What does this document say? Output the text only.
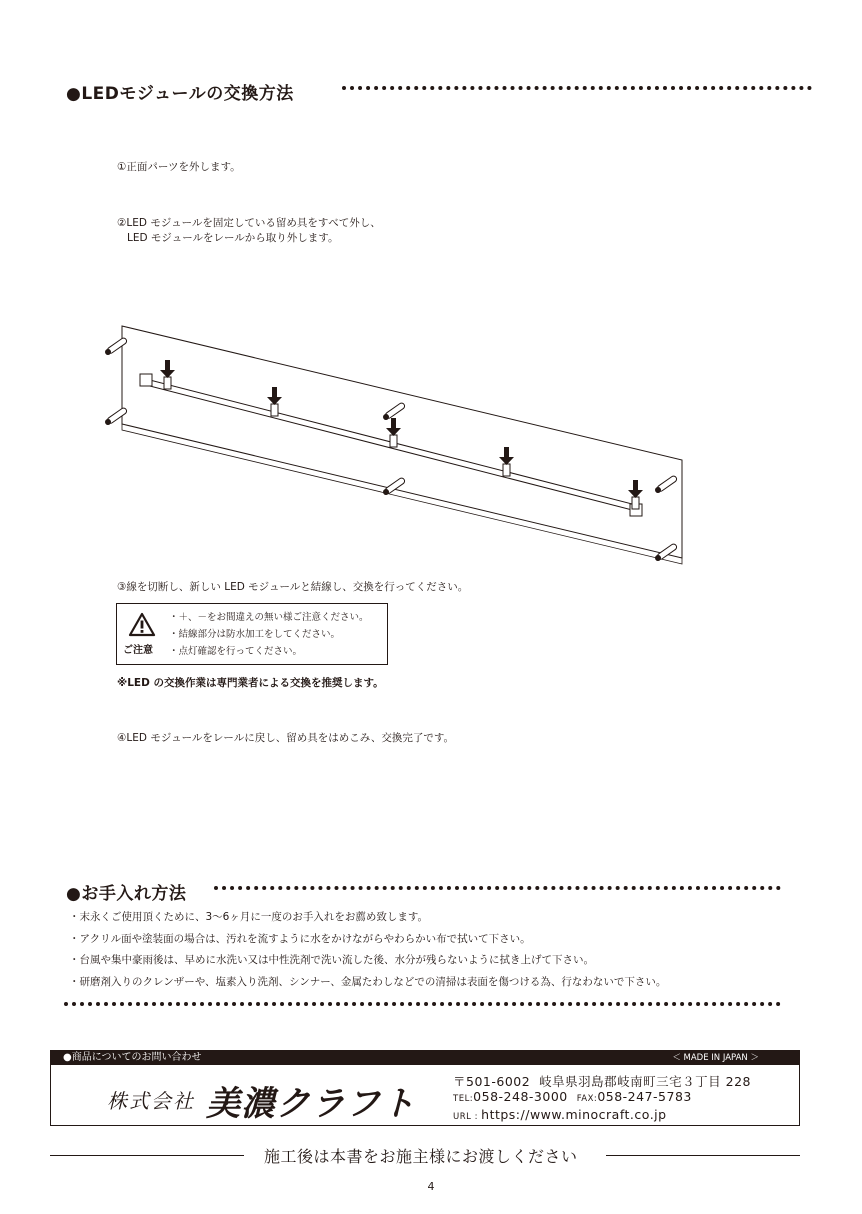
●LEDモジュールの交換方法
①正面パーツを外します。
②LED モジュールを固定している留め具をすべて外し、
LED モジュールをレールから取り外します。
③線を切断し、新しい LED モジュールと結線し、交換を行ってください。
ご注意
・＋、－をお間違えの無い様ご注意ください。
・結線部分は防水加工をしてください。
・点灯確認を行ってください。
※LED の交換作業は専門業者による交換を推奨します。
④LED モジュールをレールに戻し、留め具をはめこみ、交換完了です。
●お手入れ方法
・末永くご使用頂くために、3～6ヶ月に一度のお手入れをお薦め致します。
・アクリル面や塗装面の場合は、汚れを流すように水をかけながらやわらかい布で拭いて下さい。
・台風や集中豪雨後は、早めに水洗い又は中性洗剤で洗い流した後、水分が残らないように拭き上げて下さい。
・研磨剤入りのクレンザーや、塩素入り洗剤、シンナー、金属たわしなどでの清掃は表面を傷つける為、行なわないで下さい。
●商品についてのお問い合わせ	＜ MADE IN JAPAN ＞
株式会社 美濃クラフト
〒501-6002 岐阜県羽島郡岐南町三宅３丁目 228
TEL:058-248-3000 FAX:058-247-5783
URL : https://www.minocraft.co.jp
施工後は本書をお施主様にお渡しください
4
